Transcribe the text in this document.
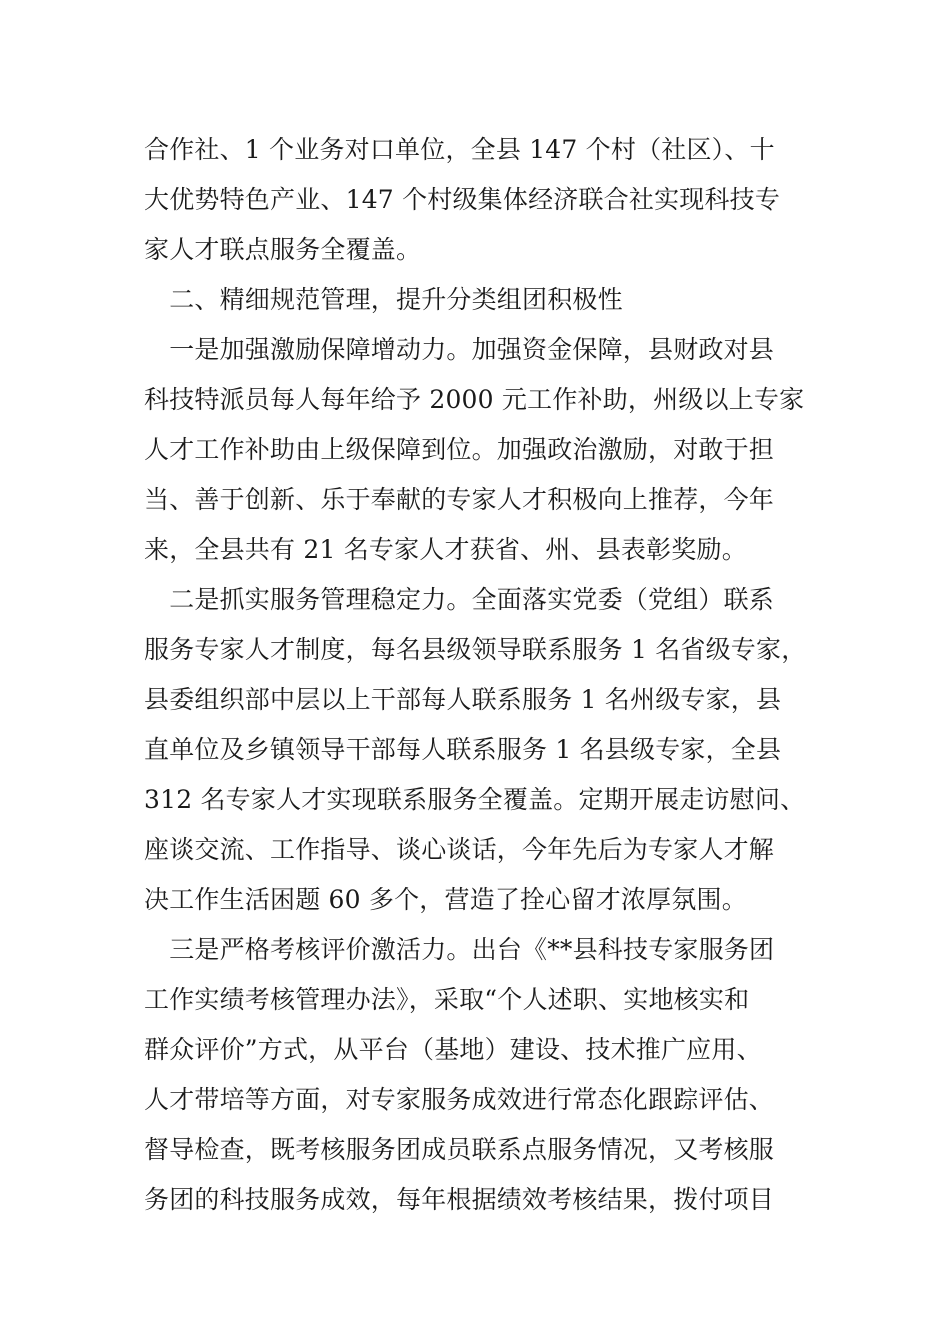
合作社、1 个业务对口单位，全县 147 个村（社区）、十
大优势特色产业、147 个村级集体经济联合社实现科技专
家人才联点服务全覆盖。
　二、精细规范管理，提升分类组团积极性
　一是加强激励保障增动力。加强资金保障，县财政对县
科技特派员每人每年给予 2000 元工作补助，州级以上专家
人才工作补助由上级保障到位。加强政治激励，对敢于担
当、善于创新、乐于奉献的专家人才积极向上推荐，今年
来，全县共有 21 名专家人才获省、州、县表彰奖励。
　二是抓实服务管理稳定力。全面落实党委（党组）联系
服务专家人才制度，每名县级领导联系服务 1 名省级专家，
县委组织部中层以上干部每人联系服务 1 名州级专家，县
直单位及乡镇领导干部每人联系服务 1 名县级专家，全县
312 名专家人才实现联系服务全覆盖。定期开展走访慰问、
座谈交流、工作指导、谈心谈话，今年先后为专家人才解
决工作生活困题 60 多个，营造了拴心留才浓厚氛围。
　三是严格考核评价激活力。出台《**县科技专家服务团
工作实绩考核管理办法》，采取“个人述职、实地核实和
群众评价”方式，从平台（基地）建设、技术推广应用、
人才带培等方面，对专家服务成效进行常态化跟踪评估、
督导检查，既考核服务团成员联系点服务情况，又考核服
务团的科技服务成效，每年根据绩效考核结果，拨付项目
